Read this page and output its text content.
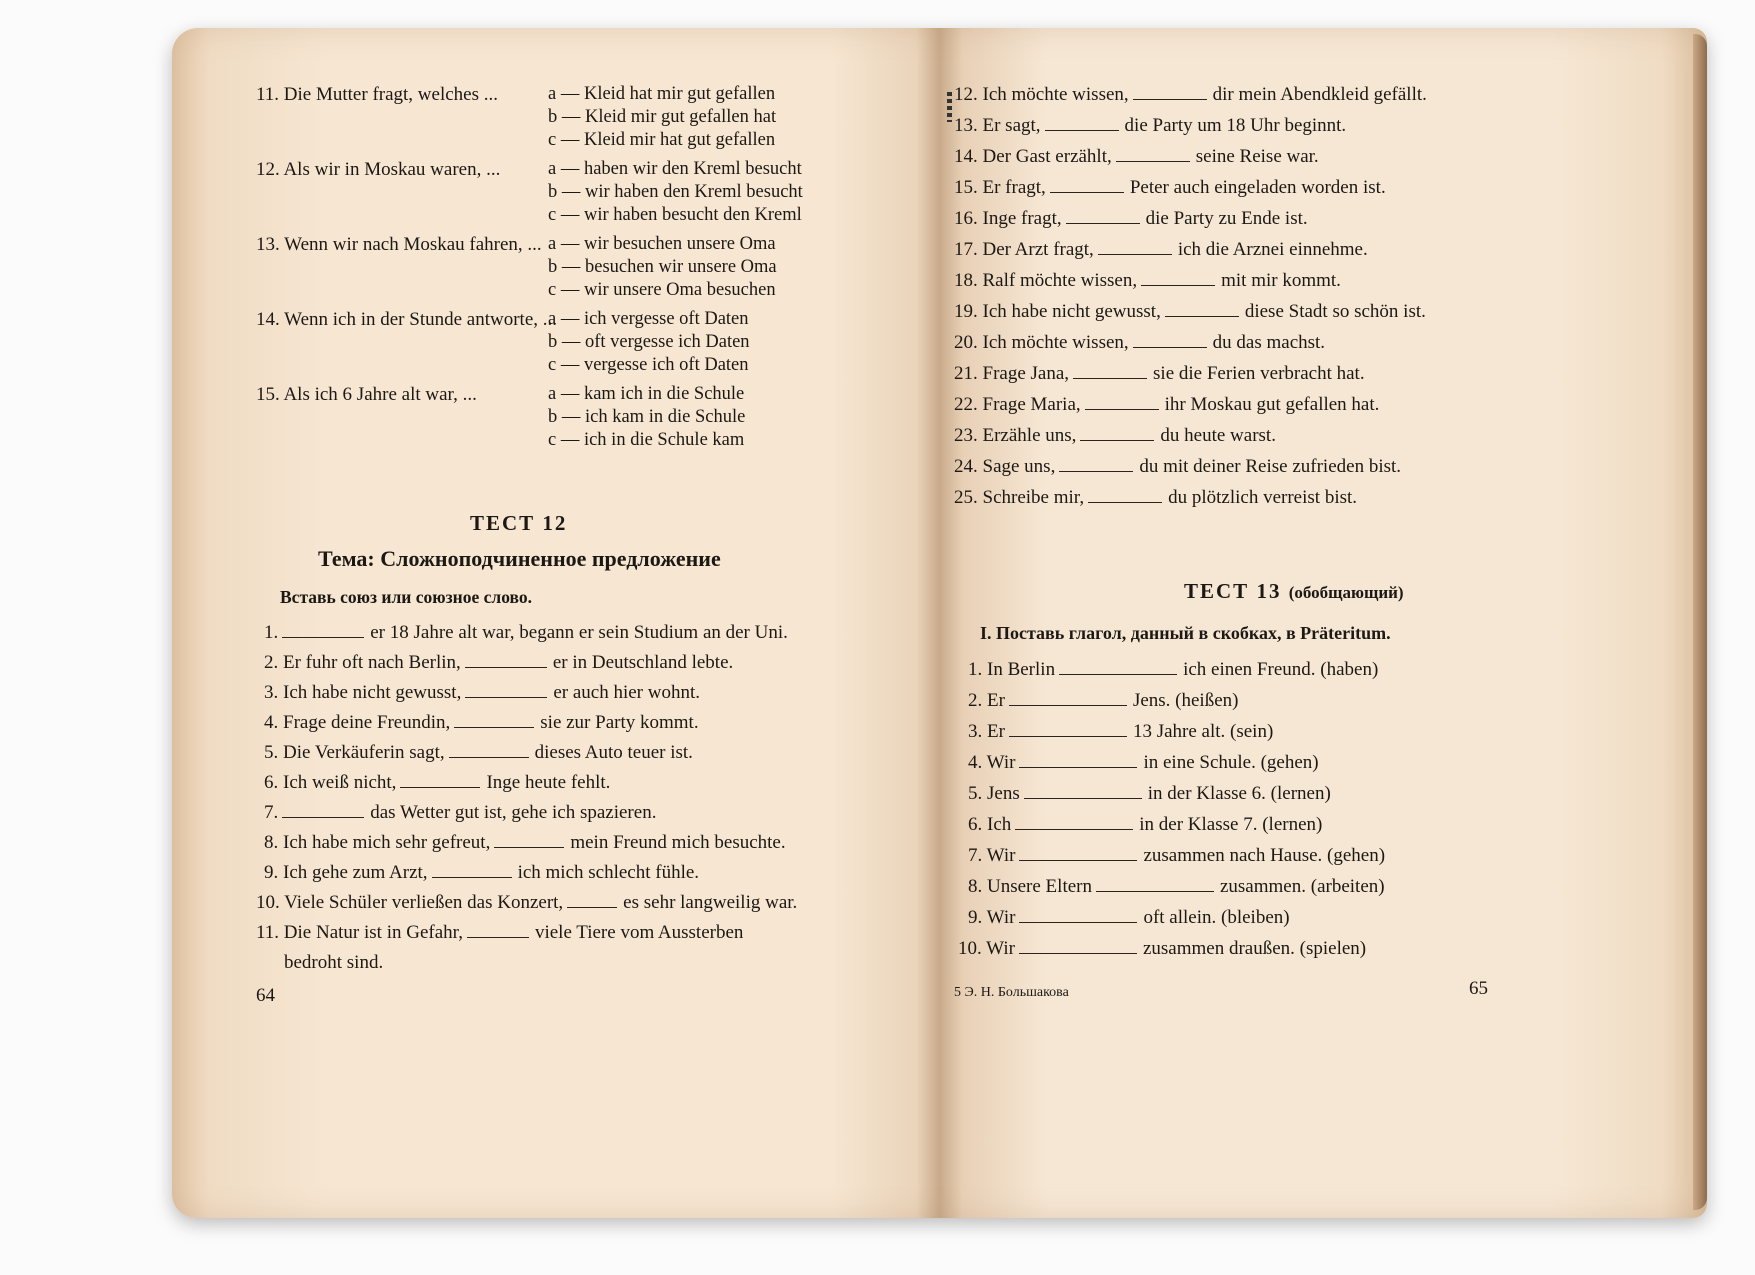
11. Die Mutter fragt, welches ...	a — Kleid hat mir gut gefallen
b — Kleid mir gut gefallen hat
c — Kleid mir hat gut gefallen
12. Als wir in Moskau waren, ...	a — haben wir den Kreml besucht
b — wir haben den Kreml besucht
c — wir haben besucht den Kreml
13. Wenn wir nach Moskau fahren, ... a — wir besuchen unsere Oma
b — besuchen wir unsere Oma
c — wir unsere Oma besuchen
14. Wenn ich in der Stunde antworte, ...
a — ich vergesse oft Daten
b — oft vergesse ich Daten
c — vergesse ich oft Daten
15. Als ich 6 Jahre alt war, ...	a — kam ich in die Schule
b — ich kam in die Schule
c — ich in die Schule kam
ТЕСТ 12
Тема: Сложноподчиненное предложение
Вставь союз или союзное слово.
1.	er 18 Jahre alt war, begann er sein Studium an der Uni.
2. Er fuhr oft nach Berlin,	er in Deutschland lebte.
3. Ich habe nicht gewusst,	er auch hier wohnt.
4. Frage deine Freundin,	sie zur Party kommt.
5. Die Verkäuferin sagt,	dieses Auto teuer ist.
6. Ich weiß nicht,	Inge heute fehlt.
7.	das Wetter gut ist, gehe ich spazieren.
8. Ich habe mich sehr gefreut,	mein Freund mich besuchte.
9. Ich gehe zum Arzt,	ich mich schlecht fühle.
10. Viele Schüler verließen das Konzert,	es sehr langweilig war.
11. Die Natur ist in Gefahr,	viele Tiere vom Aussterben
bedroht sind.
64
12. Ich möchte wissen,	dir mein Abendkleid gefällt.
13. Er sagt,	die Party um 18 Uhr beginnt.
14. Der Gast erzählt,	seine Reise war.
15. Er fragt,	Peter auch eingeladen worden ist.
16. Inge fragt,	die Party zu Ende ist.
17. Der Arzt fragt,	ich die Arznei einnehme.
18. Ralf möchte wissen,	mit mir kommt.
19. Ich habe nicht gewusst,	diese Stadt so schön ist.
20. Ich möchte wissen,	du das machst.
21. Frage Jana,	sie die Ferien verbracht hat.
22. Frage Maria,	ihr Moskau gut gefallen hat.
23. Erzähle uns,	du heute warst.
24. Sage uns,	du mit deiner Reise zufrieden bist.
25. Schreibe mir,	du plötzlich verreist bist.
ТЕСТ 13 (обобщающий)
I. Поставь глагол, данный в скобках, в Präteritum.
1. In Berlin	ich einen Freund. (haben)
2. Er	Jens. (heißen)
3. Er	13 Jahre alt. (sein)
4. Wir	in eine Schule. (gehen)
5. Jens	in der Klasse 6. (lernen)
6. Ich	in der Klasse 7. (lernen)
7. Wir	zusammen nach Hause. (gehen)
8. Unsere Eltern	zusammen. (arbeiten)
9. Wir	oft allein. (bleiben)
10. Wir	zusammen draußen. (spielen)
5 Э. Н. Большакова	65
